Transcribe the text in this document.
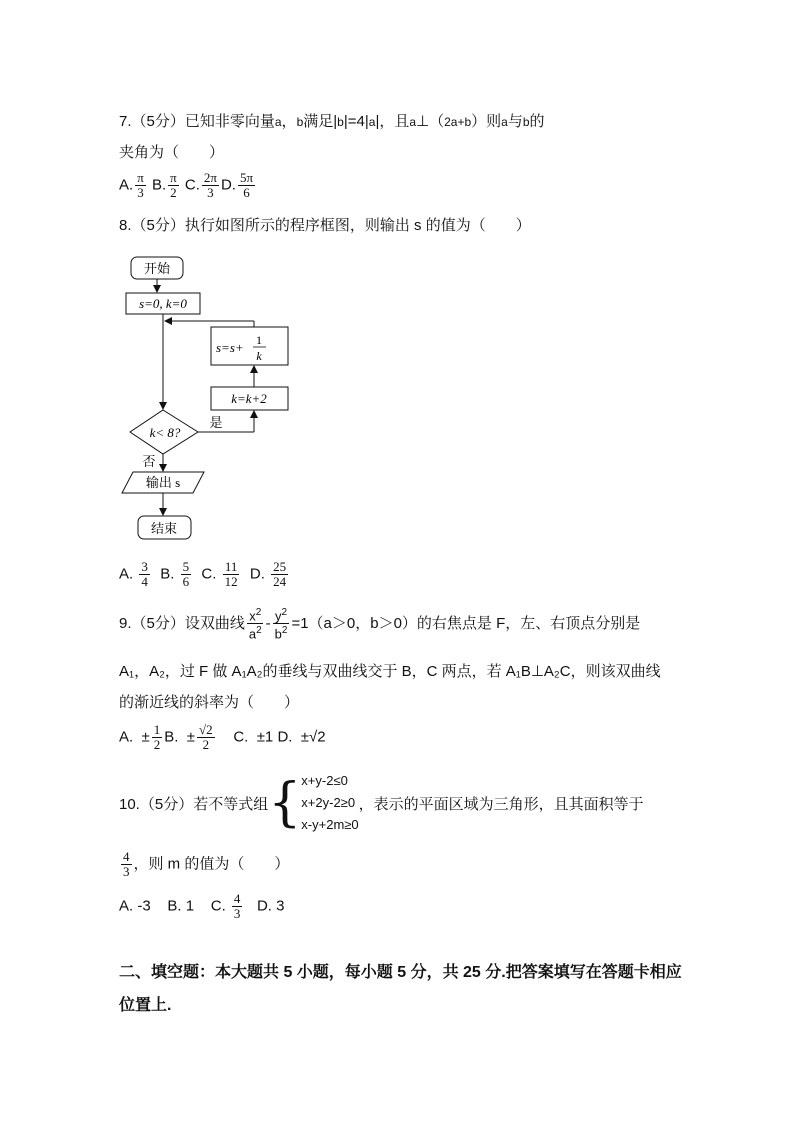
7.（5分）已知非零向量a，b满足|b|=4|a|，且a⊥（2a+b）则a与b的
夹角为（　　）
A. $\frac{\pi}{3} B$. $\frac{\pi}{2} C$. $\frac{2\pi}{3} D$. $\frac{5\pi}{6}$
8.（5分）执行如图所示的程序框图，则输出 s 的值为（　　）
开始
s=0, k=0
s=s+ 1
k
k=k+2
k< 8?
是
否
输出 s
结束
A. $\frac{3}{4} B$. $\frac{5}{6} C$. $\frac{11}{12} D$. $\frac{25}{24}$
9.（5分）设双曲线 $\frac{x^2}{a^2} - \frac{y^2}{b^2} =1(a>0$，b＞0）的右焦点是 F，左、右顶点分别是
A₁，A₂，过 F 做 A₁A₂的垂线与双曲线交于 B，C 两点，若 A₁B⊥A₂C，则该双曲线
的渐近线的斜率为（　　）
A. ± $\frac{1}{2} B$. ± $\frac{√2}{2} C$. ±1 D. ±√2
10.（5分）若不等式组 { x+y-2≤0
x+2y-2≥0
x-y+2m≥0
，表示的平面区域为三角形，且其面积等于
$\frac{4}{3}$ ，则 m 的值为（　　）
A. -3 B. 1 C. $\frac{4}{3} D$. 3
二、填空题：本大题共 5 小题，每小题 5 分，共 25 分.把答案填写在答题卡相应
位置上.
